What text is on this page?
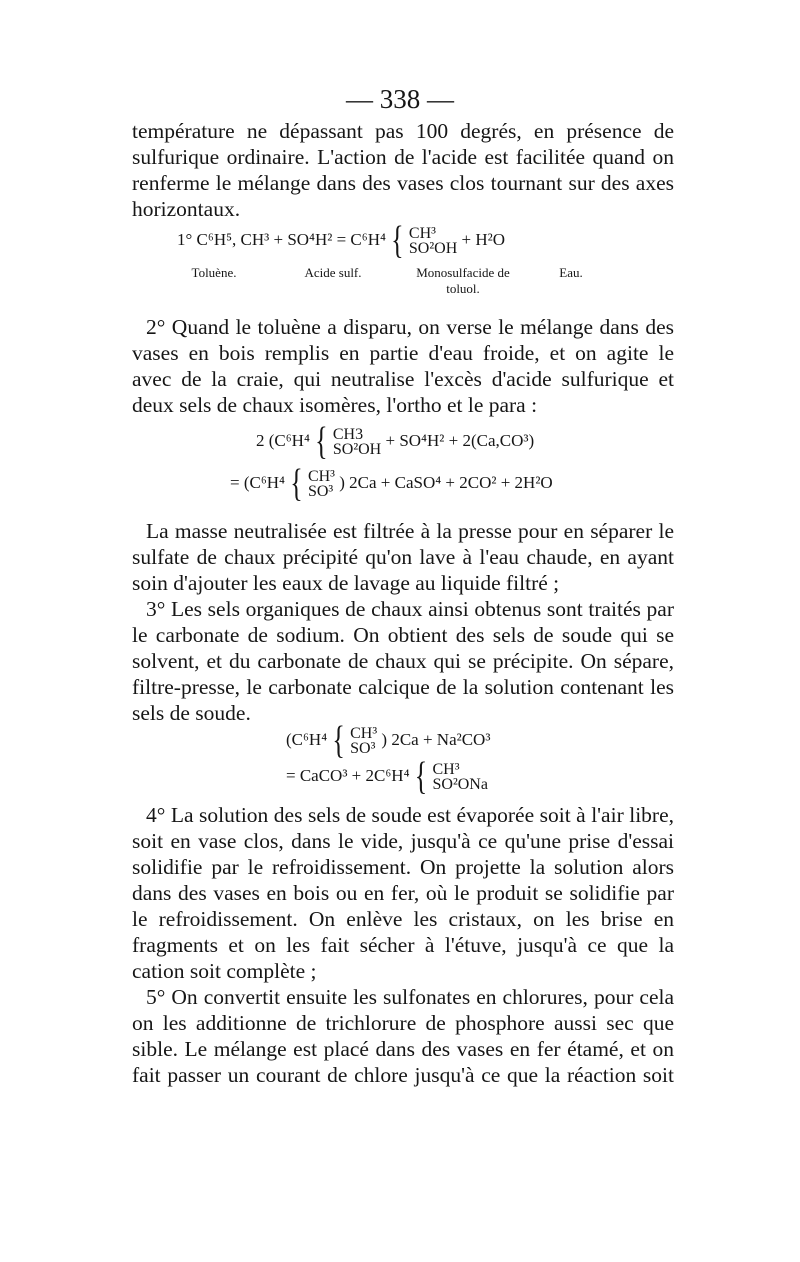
— 338 —
température ne dépassant pas 100 degrés, en présence de
sulfurique ordinaire. L'action de l'acide est facilitée quand on
renferme le mélange dans des vases clos tournant sur des axes
horizontaux.
1° C⁶H⁵, CH³ + SO⁴H² = C⁶H⁴ { CH³
SO²OH + H²O
Toluène.	Acide sulf.	Monosulfacide de toluol.
Eau.
2° Quand le toluène a disparu, on verse le mélange dans des
vases en bois remplis en partie d'eau froide, et on agite le
avec de la craie, qui neutralise l'excès d'acide sulfurique et
deux sels de chaux isomères, l'ortho et le para :
2 (C⁶H⁴ { CH3
SO²OH + SO⁴H² + 2(Ca,CO³)
= (C⁶H⁴ { CH³
SO³ ) 2Ca + CaSO⁴ + 2CO² + 2H²O
La masse neutralisée est filtrée à la presse pour en séparer le
sulfate de chaux précipité qu'on lave à l'eau chaude, en ayant
soin d'ajouter les eaux de lavage au liquide filtré ;
3° Les sels organiques de chaux ainsi obtenus sont traités par
le carbonate de sodium. On obtient des sels de soude qui se
solvent, et du carbonate de chaux qui se précipite. On sépare,
filtre-presse, le carbonate calcique de la solution contenant les
sels de soude.
(C⁶H⁴ { CH³
SO³ ) 2Ca + Na²CO³
= CaCO³ + 2C⁶H⁴ { CH³
SO²ONa
4° La solution des sels de soude est évaporée soit à l'air libre,
soit en vase clos, dans le vide, jusqu'à ce qu'une prise d'essai
solidifie par le refroidissement. On projette la solution alors
dans des vases en bois ou en fer, où le produit se solidifie par
le refroidissement. On enlève les cristaux, on les brise en
fragments et on les fait sécher à l'étuve, jusqu'à ce que la
cation soit complète ;
5° On convertit ensuite les sulfonates en chlorures, pour cela
on les additionne de trichlorure de phosphore aussi sec que
sible. Le mélange est placé dans des vases en fer étamé, et on
fait passer un courant de chlore jusqu'à ce que la réaction soit
